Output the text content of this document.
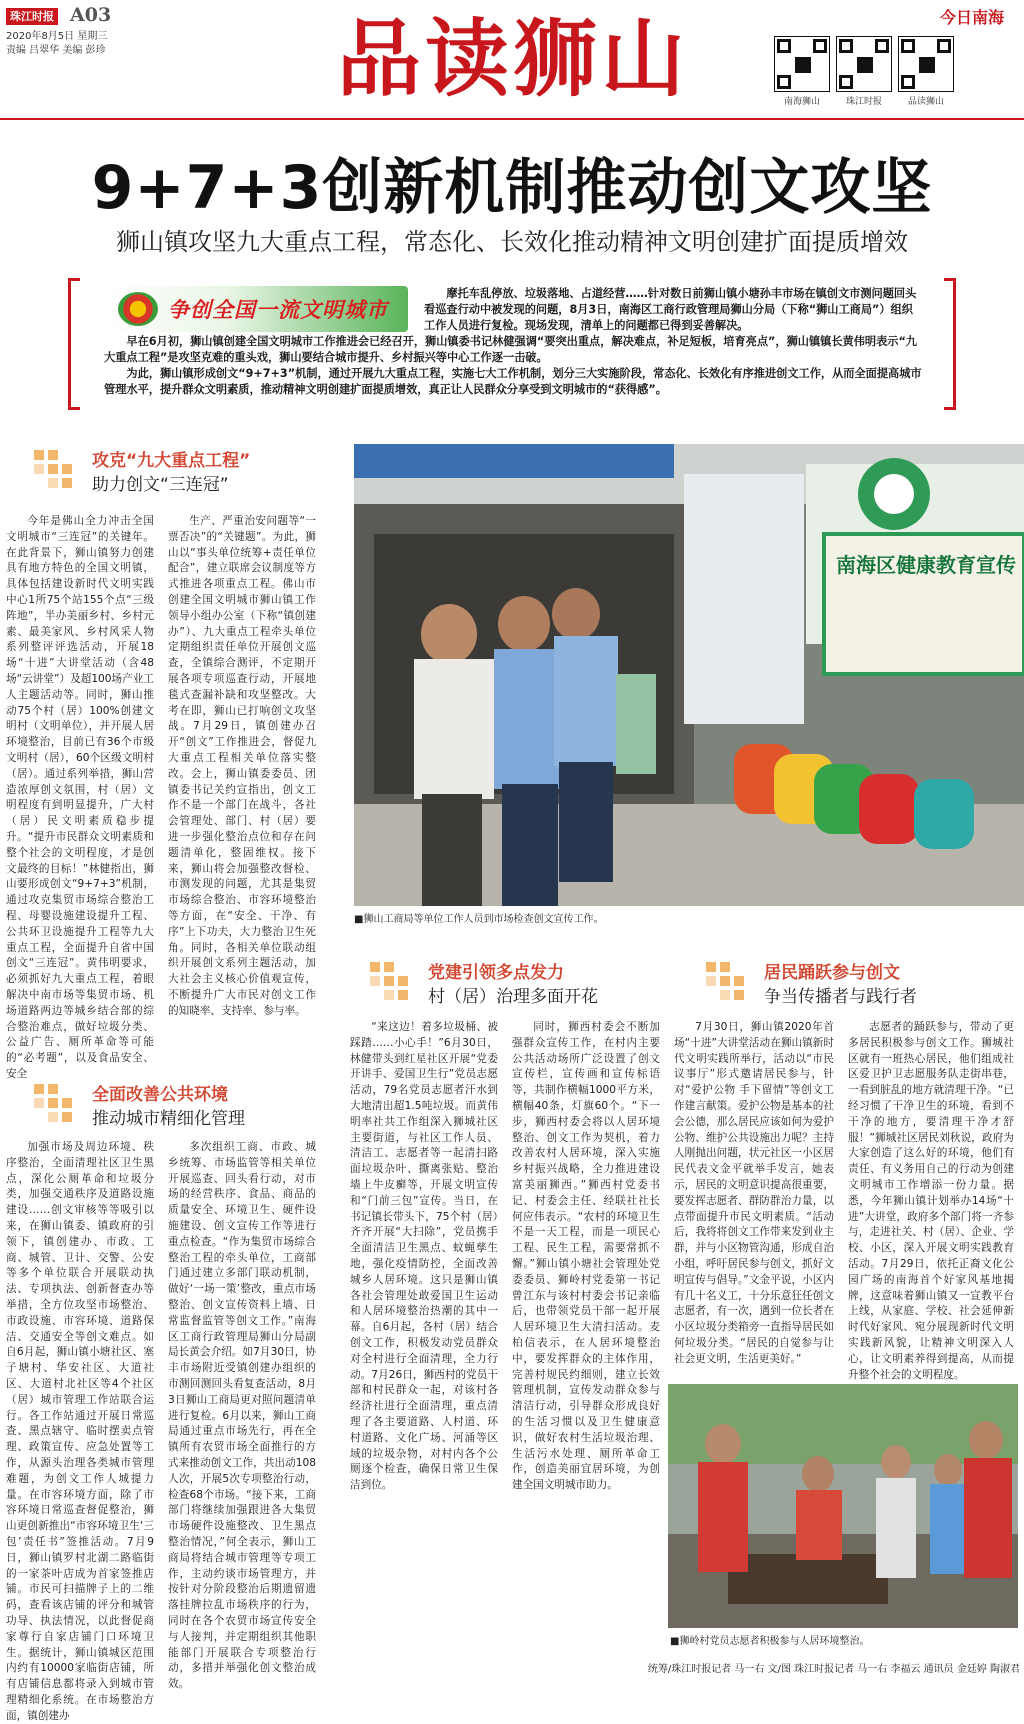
珠江时报 A03
2020年8月5日 星期三
责编 吕翠华 美编 彭珍	品读狮山	今日南海
南海狮山	珠江时报	品读狮山
9+7+3创新机制推动创文攻坚
狮山镇攻坚九大重点工程，常态化、长效化推动精神文明创建扩面提质增效
争创全国一流文明城市
摩托车乱停放、垃圾落地、占道经营……针对数日前狮山镇小塘孙丰市场在镇创文市测问题回头看巡查行动中被发现的问题，8月3日，南海区工商行政管理局狮山分局（下称“狮山工商局”）组织工作人员进行复检。现场发现，清单上的问题都已得到妥善解决。
早在6月初，狮山镇创建全国文明城市工作推进会已经召开，狮山镇委书记林健强调“要突出重点，解决难点，补足短板，培育亮点”，狮山镇镇长黄伟明表示“九大重点工程”是攻坚克难的重头戏，狮山要结合城市提升、乡村振兴等中心工作逐一击破。
为此，狮山镇形成创文“9+7+3”机制，通过开展九大重点工程，实施七大工作机制，划分三大实施阶段，常态化、长效化有序推进创文工作，从而全面提高城市管理水平，提升群众文明素质，推动精神文明创建扩面提质增效，真正让人民群众分享受到文明城市的“获得感”。
攻克“九大重点工程”
助力创文“三连冠”

今年是佛山全力冲击全国文明城市“三连冠”的关键年。在此背景下，狮山镇努力创建具有地方特色的全国文明镇，具体包括建设新时代文明实践中心1所75个站155个点“三级阵地”，半办美丽乡村、乡村元素、最美家风、乡村风采人物系列整评评选活动，开展18场“十进”大讲堂活动（含48场“云讲堂”）及超100场产业工人主题活动等。同时，狮山推动75个村（居）100%创建文明村（文明单位），并开展人居环境整治，目前已有36个市级文明村（居），60个区级文明村（居）。通过系列举措，狮山营造浓厚创文氛围，村（居）文明程度有到明显提升，广大村（居）民文明素质稳步提升。“提升市民群众文明素质和整个社会的文明程度，才是创文最终的目标！”林健指出，狮山要形成创文“9+7+3”机制，通过攻克集贸市场综合整治工程、母婴设施建设提升工程、公共环卫设施提升工程等九大重点工程，全面提升自省中国创文“三连冠”。黄伟明要求，必须抓好九大重点工程，着眼解决中南市场等集贸市场、机场道路两边等城乡结合部的综合整治难点，做好垃圾分类、公益广告、厕所革命等可能的“必考题”，以及食品安全、安全

生产、严重治安问题等“一票否决”的“关键题”。为此，狮山以“事头单位统筹+责任单位配合”，建立联席会议制度等方式推进各项重点工程。佛山市创建全国文明城市狮山镇工作领导小组办公室（下称“镇创建办”）、九大重点工程牵头单位定期组织责任单位开展创文巡查，全镇综合测评，不定期开展各项专项巡查行动，开展地毯式查漏补缺和攻坚整改。大考在即，狮山已打响创文攻坚战。7月29日，镇创建办召开“创文”工作推进会，督促九大重点工程相关单位落实整改。会上，狮山镇委委员、团镇委书记关约宣指出，创文工作不是一个部门在战斗，各社会管理处、部门、村（居）要进一步强化整治点位和存在问题清单化，整固维权。接下来，狮山将会加强整改督检、市测发现的问题，尤其是集贸市场综合整治、市容环境整治等方面，在“安全、干净、有序”上下功夫，大力整治卫生死角。同时，各相关单位联动组织开展创文系列主题活动，加大社会主义核心价值观宣传，不断提升广大市民对创文工作的知晓率、支持率、参与率。

南海区健康教育宣传
■狮山工商局等单位工作人员到市场检查创文宣传工作。
全面改善公共环境
推动城市精细化管理

加强市场及周边环境、秩序整治，全面清理社区卫生黑点，深化公厕革命和垃圾分类，加强交通秩序及道路设施建设……创文审核等等吸引以来，在狮山镇委、镇政府的引领下，镇创建办、市政、工商、城管、卫计、交警、公安等多个单位联合开展联动执法、专项执法、创新督查办等举措，全方位攻坚市场整治、市政设施、市容环境、道路保洁、交通安全等创文难点。如自6月起，狮山镇小塘社区、塞子塘村、华安社区、大道社区、大道村北社区等4个社区（居）城市管理工作站联合运行。各工作站通过开展日常巡查、黑点辖守、临时摆卖点管理、政策宣传、应急处置等工作，从源头治理各类城市管理难题，为创文工作人城提力量。在市容环境方面，除了市容环境日常巡查督促整治，狮山更创新推出“市容环境卫生‘三包’责任书”签推活动。7月9日，狮山镇罗村北湖二路临街的一家茶叶店成为首家签推店铺。市民可扫描牌子上的二维码，查看该店铺的评分和城管功导、执法情况，以此督促商家尊行自家店铺门口环境卫生。据统计，狮山镇城区范围内约有10000家临街店铺，所有店铺信息都将录入到城市管理精细化系统。在市场整治方面，镇创建办

多次组织工商、市政、城乡统筹、市场监管等相关单位开展巡查、回头看行动，对市场的经营秩序、食品、商品的质量安全、环境卫生、硬件设施建设、创文宣传工作等进行重点检查。“作为集贸市场综合整治工程的牵头单位，工商部门通过建立多部门联动机制，做好‘一场一策’整改，重点市场整治、创文宣传资料上墙、日常监督监管等创文工作。”南海区工商行政管理局狮山分局副局长黄会介绍。如7月30日，协丰市场附近受镇创建办组织的市测回测回头看复查活动，8月3日狮山工商局更对照问题清单进行复检。6月以来，狮山工商局通过重点市场先行，再在全镇所有农贸市场全面推行的方式来推动创文工作，共出动108人次，开展5次专项整治行动，检查68个市场。“接下来，工商部门将继续加强跟进各大集贸市场硬件设施整改、卫生黑点整治情况，”何全表示，狮山工商局将结合城市管理等专项工作，主动约谈市场管理方，并按针对分阶段整治后期遗留遗落挂牌拉乱市场秩序的行为，同时在各个农贸市场宣传安全与人接判，并定期组织其他职能部门开展联合专项整治行动，多措并举强化创文整治成效。

党建引领多点发力
村（居）治理多面开花
居民踊跃参与创文
争当传播者与践行者

“来这边！着多垃圾桶、被踩踏……小心手！”6月30日，林健带头到红星社区开展“党委开讲手、爱国卫生行”党员志愿活动，79名党员志愿者汗水到大地清出超1.5吨垃圾。而黄伟明率社共工作组深入狮城社区主要街道，与社区工作人员、清洁工、志愿者等一起清扫路面垃圾杂叶、撕离张贴、整治墙上牛皮癣等，开展文明宣传和“门前三包”宣传。当日，在书记镇长带头下，75个村（居）齐齐开展“大扫除”，党员携手全面清洁卫生黑点、蚊蝇孳生地，强化疫情防控，全面改善城乡人居环境。这只是狮山镇各社会管理处敢爱国卫生运动和人居环境整治热潮的其中一幕。自6月起，各村（居）结合创文工作，积极发动党员群众对全村进行全面清理，全力行动。7月26日，狮西村的党员干部和村民群众一起，对该村各经济社进行全面清理，重点清理了各主要道路、人村道、环村道路、文化广场、河涌等区域的垃圾杂物，对村内各个公厕逐个检查，确保日常卫生保洁到位。

同时，狮西村委会不断加强群众宣传工作，在村内主要公共活动场所广泛设置了创文宣传栏，宣传画和宣传标语等，共制作横幅1000平方米，横幅40条，灯旗60个。“下一步，狮西村委会将以人居环境整治、创文工作为契机，着力改善农村人居环境，深入实施乡村振兴战略，全力推进建设富美丽狮西。”狮西村党委书记、村委会主任、经联社社长何应伟表示。“农村的环境卫生不是一天工程，而是一项民心工程、民生工程，需要常抓不懈。”狮山镇小塘社会管理处党委委员、狮岭村党委第一书记曾江东与该村村委会书记亲临后，也带领党员干部一起开展人居环境卫生大清扫活动。麦柏信表示，在人居环境整治中，要发挥群众的主体作用，完善村规民约细则，建立长效管理机制，宣传发动群众参与清洁行动，引导群众形成良好的生活习惯以及卫生健康意识，做好农村生活垃圾治理、生活污水处理、厕所革命工作，创造美丽宜居环境，为创建全国文明城市助力。

7月30日，狮山镇2020年首场“十进”大讲堂活动在狮山镇新时代文明实践所举行，活动以“市民议事厅”形式邀请居民参与，针对“爱护公物 手下留情”等创文工作建言献策。爱护公物是基本的社会公德，那么居民应该如何为爱护公物、维护公共设施出力呢？主持人刚抛出问题，状元社区一小区居民代表文金平就举手发言，她表示，居民的文明意识提高很重要，要发挥志愿者、群防群治力量，以点带面提升市民文明素质。“活动后，我将将创文工作带来发到业主群，并与小区物管沟通，形成自治小组，呼吁居民参与创文，抓好文明宣传与倡导。”文金平说，小区内有几十名义工，十分乐意狂任创文志愿者，有一次，遇到一位长者在小区垃圾分类箱旁一直指导居民如何垃圾分类。“居民的自觉参与让社会更文明，生活更美好。”

志愿者的踊跃参与，带动了更多居民积极参与创文工作。狮城社区就有一班热心居民，他们组成社区爱卫护卫志愿服务队走街串巷，一看到脏乱的地方就清理干净。“已经习惯了干净卫生的环境，看到不干净的地方，要清理干净才舒服！”狮城社区居民刘秋说，政府为大家创造了这么好的环境，他们有责任、有义务用自己的行动为创建文明城市工作增添一份力量。据悉，今年狮山镇计划举办14场“十进”大讲堂，政府多个部门将一齐参与，走进社关、村（居）、企业、学校、小区，深入开展文明实践教育活动。7月29日，依托正裔文化公园广场的南海首个好家风基地揭牌，这意味着狮山镇又一宣教平台上线，从家庭、学校、社会延伸新时代好家风、宛分展现新时代文明实践新风貌，让精神文明深入人心，让文明素养得到提高，从而提升整个社会的文明程度。

■狮岭村党员志愿者积极参与人居环境整治。
统筹/珠江时报记者 马一右 文/图 珠江时报记者 马一右 李福云 通讯员 金廷婷 陶淑君
